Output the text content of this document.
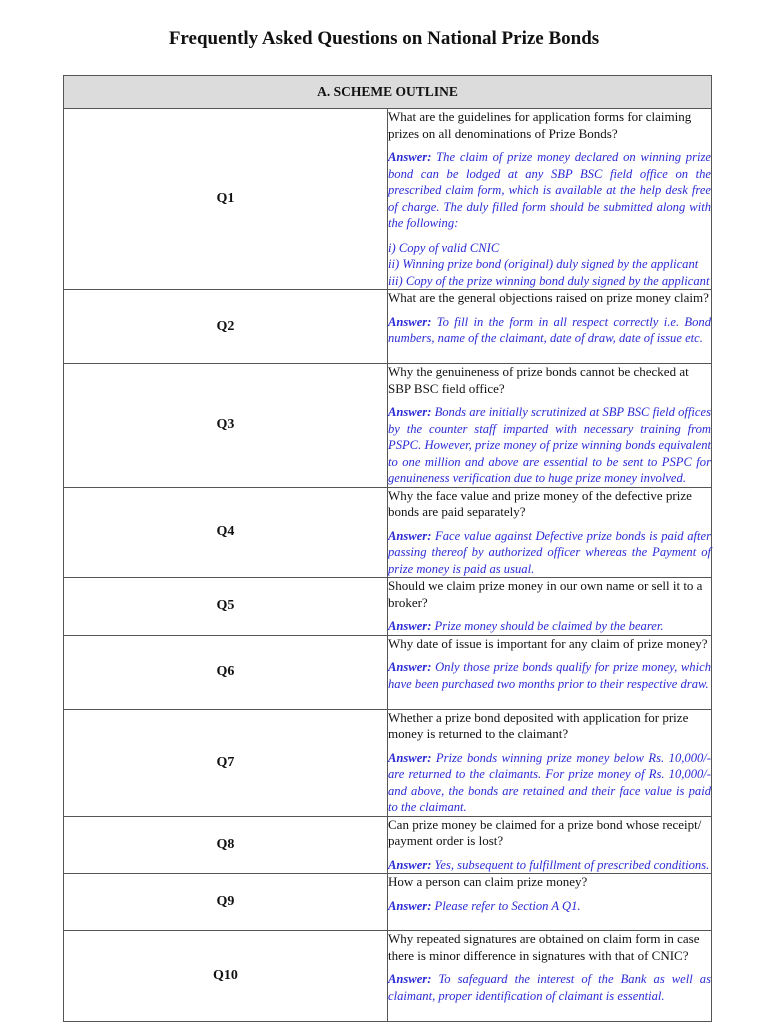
Frequently Asked Questions on National Prize Bonds
A. SCHEME OUTLINE	
Q1	What are the guidelines for application forms for claiming prizes on all denominations of Prize Bonds?
Answer: The claim of prize money declared on winning prize bond can be lodged at any SBP BSC field office on the prescribed claim form, which is available at the help desk free of charge. The duly filled form should be submitted along with the following:
i) Copy of valid CNIC
ii) Winning prize bond (original) duly signed by the applicant
iii) Copy of the prize winning bond duly signed by the applicant

Q2	What are the general objections raised on prize money claim?
Answer: To fill in the form in all respect correctly i.e. Bond numbers, name of the claimant, date of draw, date of issue etc.

Q3	Why the genuineness of prize bonds cannot be checked at SBP BSC field office?
Answer: Bonds are initially scrutinized at SBP BSC field offices by the counter staff imparted with necessary training from PSPC. However, prize money of prize winning bonds equivalent to one million and above are essential to be sent to PSPC for genuineness verification due to huge prize money involved.

Q4	Why the face value and prize money of the defective prize bonds are paid separately?
Answer: Face value against Defective prize bonds is paid after passing thereof by authorized officer whereas the Payment of prize money is paid as usual.

Q5	Should we claim prize money in our own name or sell it to a broker?
Answer: Prize money should be claimed by the bearer.

Q6	Why date of issue is important for any claim of prize money?
Answer: Only those prize bonds qualify for prize money, which have been purchased two months prior to their respective draw.

Q7	Whether a prize bond deposited with application for prize money is returned to the claimant?
Answer: Prize bonds winning prize money below Rs. 10,000/- are returned to the claimants. For prize money of Rs. 10,000/- and above, the bonds are retained and their face value is paid to the claimant.

Q8	Can prize money be claimed for a prize bond whose receipt/ payment order is lost?
Answer: Yes, subsequent to fulfillment of prescribed conditions.

Q9	How a person can claim prize money?
Answer: Please refer to Section A Q1.

Q10	Why repeated signatures are obtained on claim form in case there is minor difference in signatures with that of CNIC?
Answer: To safeguard the interest of the Bank as well as claimant, proper identification of claimant is essential.
